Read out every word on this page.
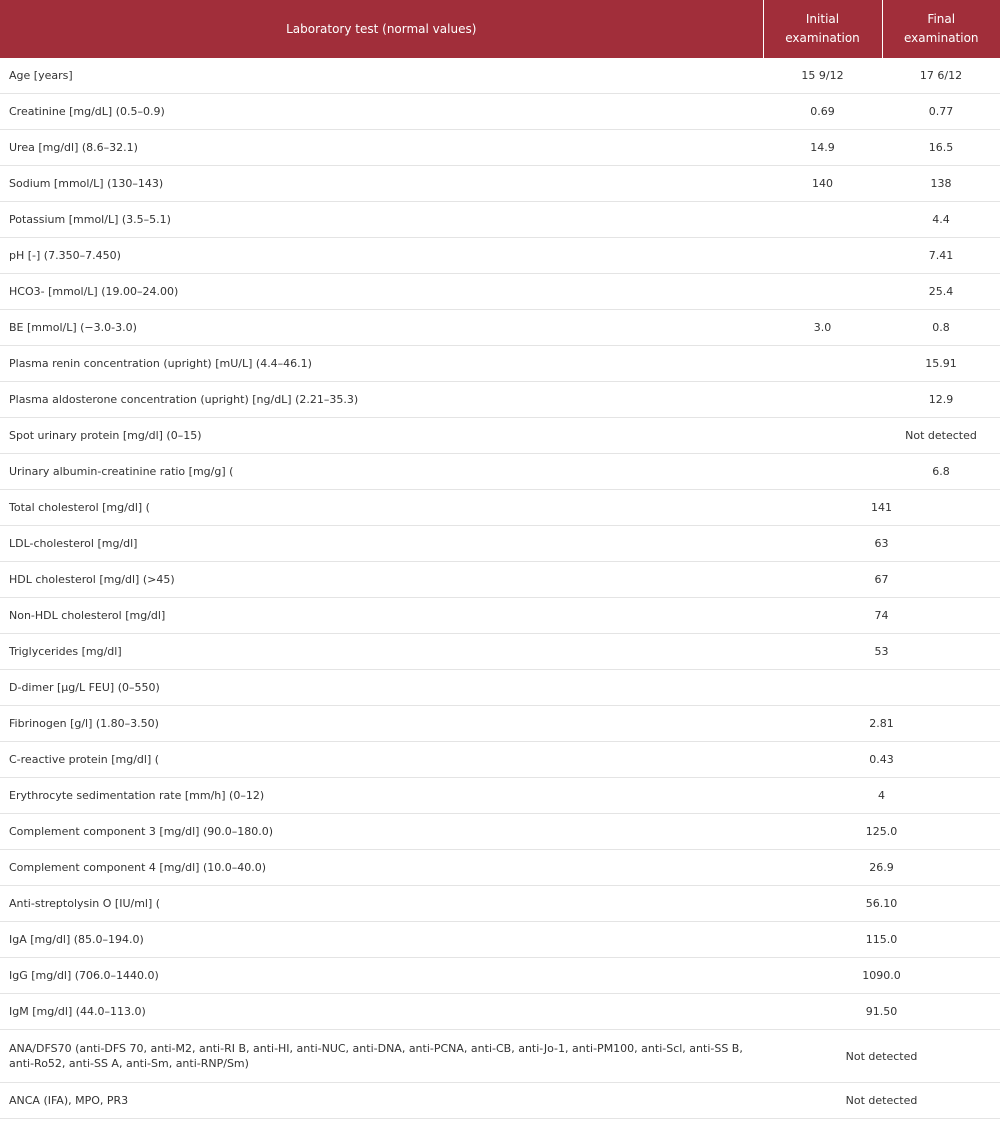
Laboratory test (normal values)	Initial examination	Final examination
Age [years]	15 9/12	17 6/12
Creatinine [mg/dL] (0.5–0.9)	0.69	0.77
Urea [mg/dl] (8.6–32.1)	14.9	16.5
Sodium [mmol/L] (130–143)	140	138
Potassium [mmol/L] (3.5–5.1)		4.4
pH [-] (7.350–7.450)		7.41
HCO3- [mmol/L] (19.00–24.00)		25.4
BE [mmol/L] (−3.0-3.0)	3.0	0.8
Plasma renin concentration (upright) [mU/L] (4.4–46.1)		15.91
Plasma aldosterone concentration (upright) [ng/dL] (2.21–35.3)		12.9
Spot urinary protein [mg/dl] (0–15)		Not detected
Urinary albumin-creatinine ratio [mg/g] (		6.8
Total cholesterol [mg/dl] (	141	
LDL-cholesterol [mg/dl]	63	
HDL cholesterol [mg/dl] (>45)	67	
Non-HDL cholesterol [mg/dl]	74	
Triglycerides [mg/dl]	53	
D-dimer [µg/L FEU] (0–550)		
Fibrinogen [g/l] (1.80–3.50)	2.81	
C-reactive protein [mg/dl] (	0.43	
Erythrocyte sedimentation rate [mm/h] (0–12)	4	
Complement component 3 [mg/dl] (90.0–180.0)	125.0	
Complement component 4 [mg/dl] (10.0–40.0)	26.9	
Anti-streptolysin O [IU/ml] (	56.10	
IgA [mg/dl] (85.0–194.0)	115.0	
IgG [mg/dl] (706.0–1440.0)	1090.0	
IgM [mg/dl] (44.0–113.0)	91.50	
ANA/DFS70 (anti-DFS 70, anti-M2, anti-RI B, anti-HI, anti-NUC, anti-DNA, anti-PCNA, anti-CB, anti-Jo-1, anti-PM100, anti-Scl, anti-SS B, anti-Ro52, anti-SS A, anti-Sm, anti-RNP/Sm)	Not detected	
ANCA (IFA), MPO, PR3	Not detected	
